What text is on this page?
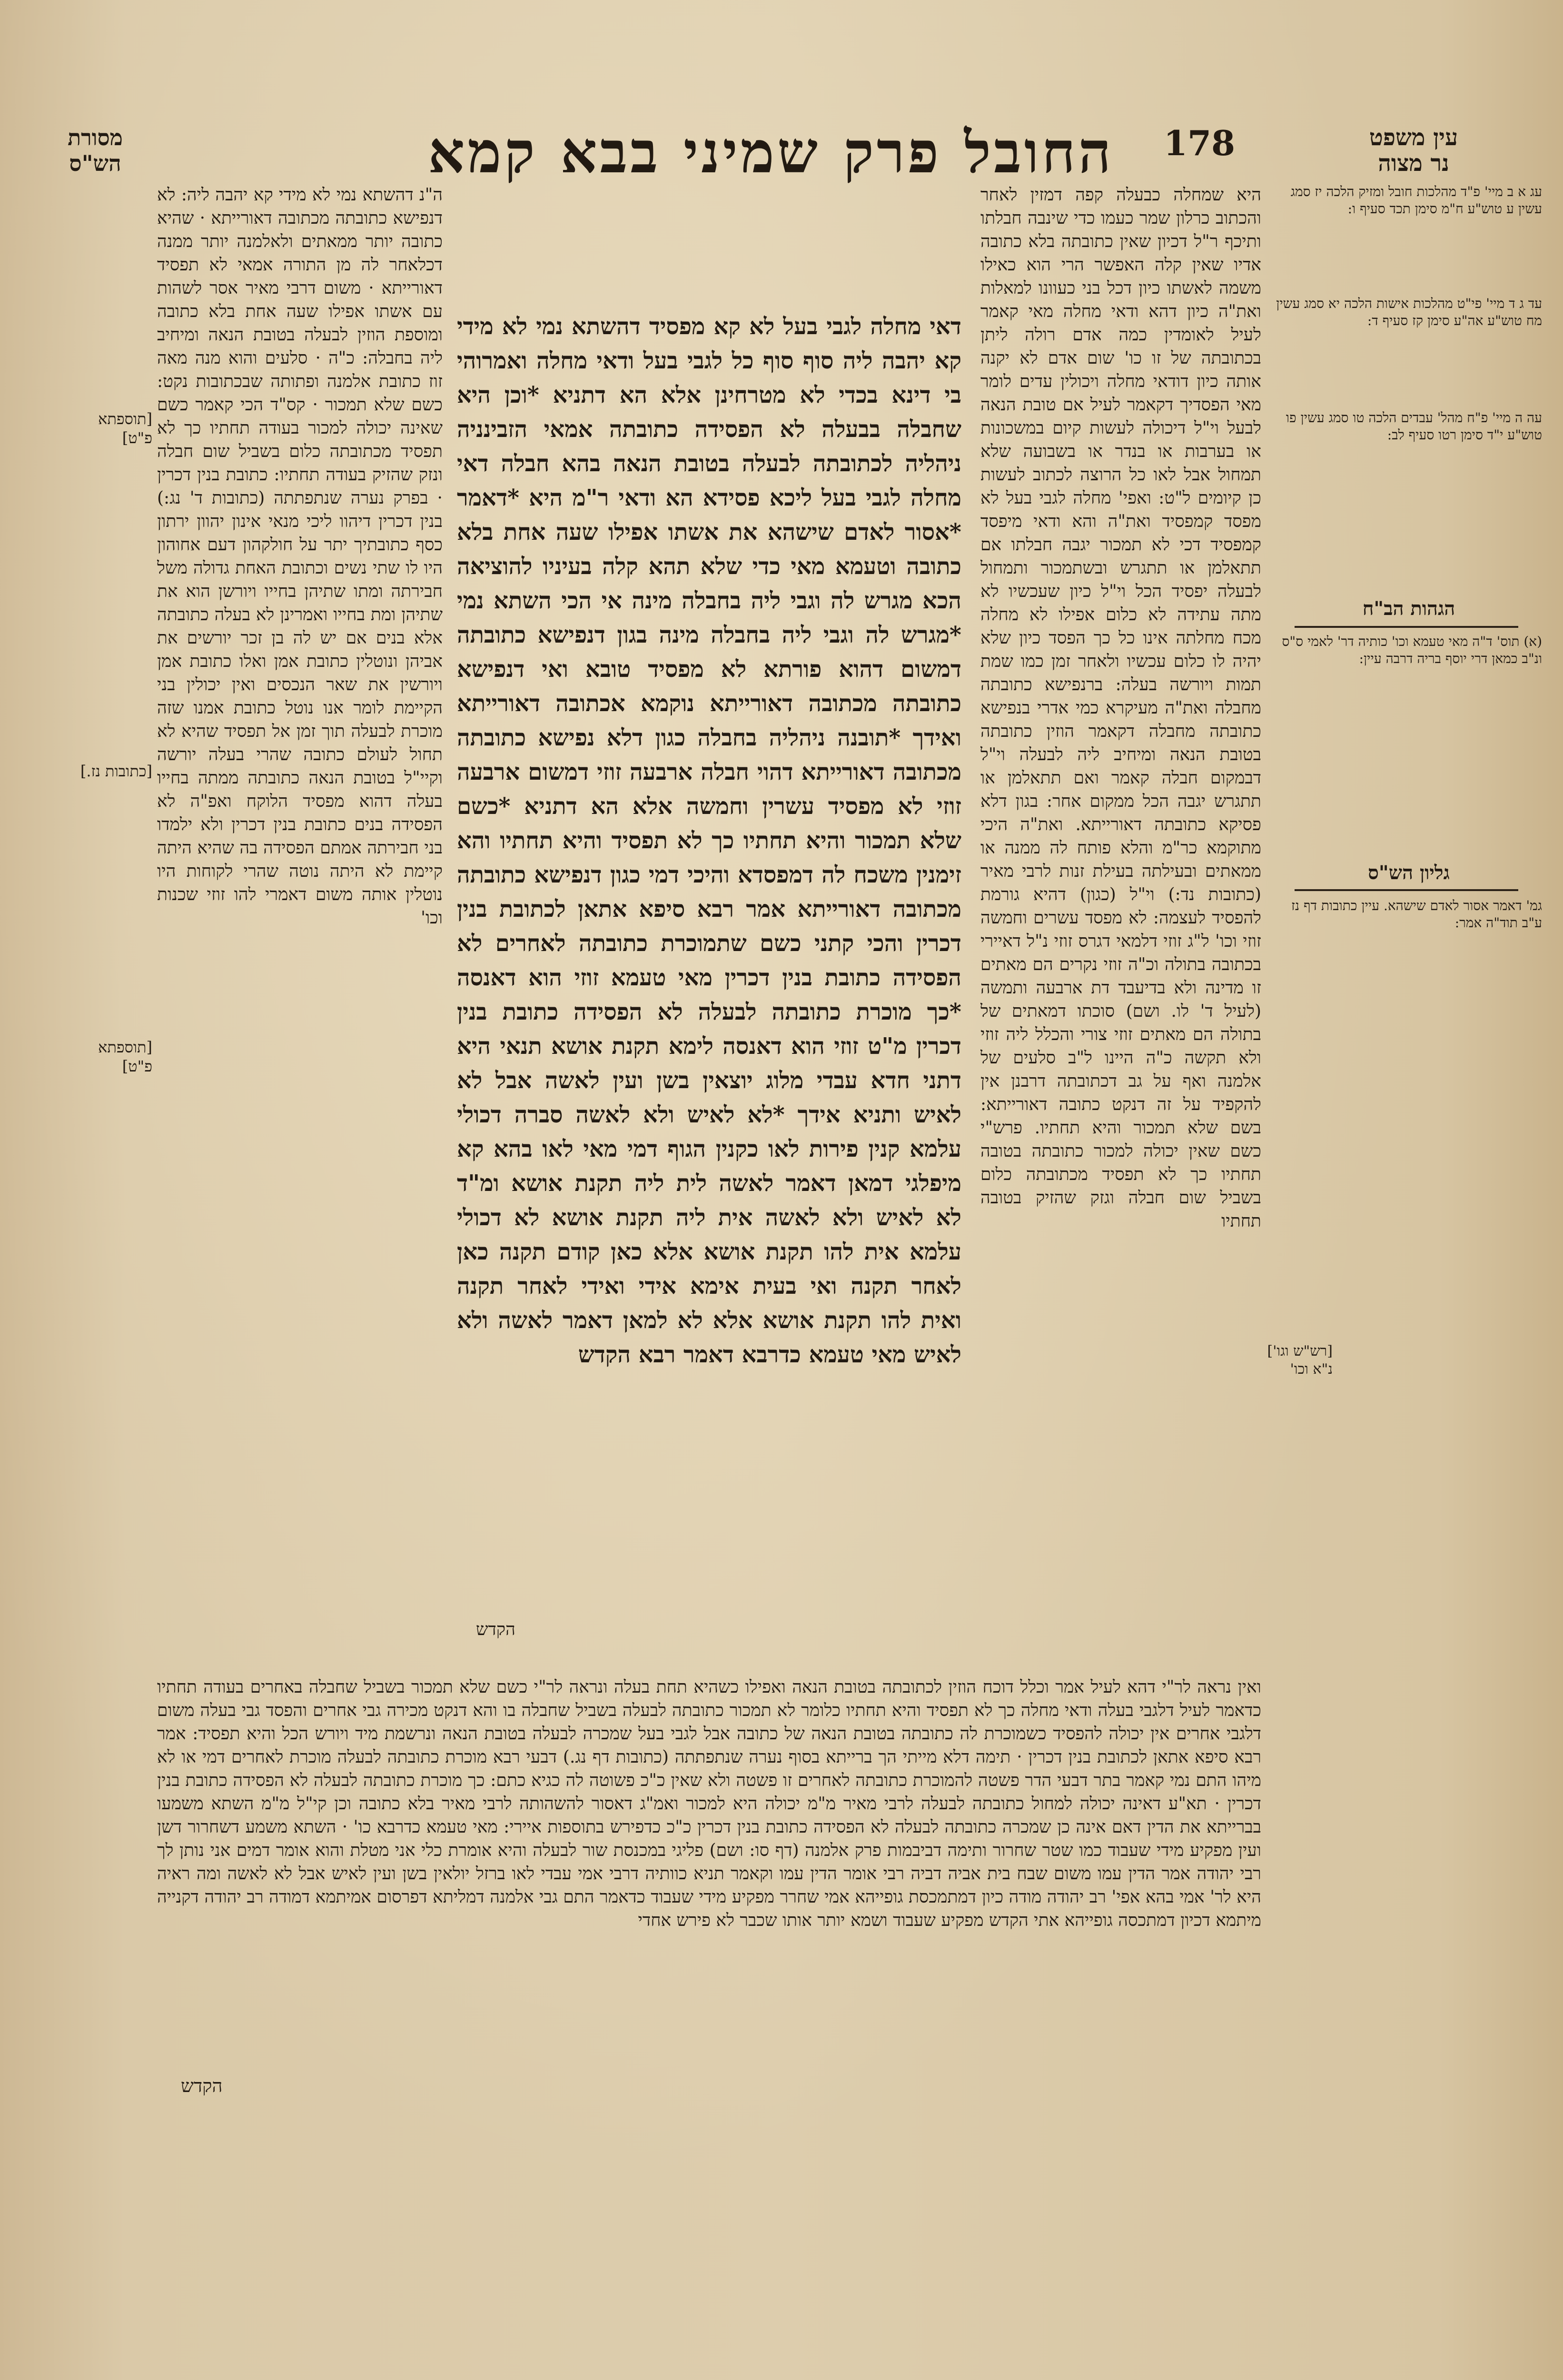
מסורת
הש"ס	החובל פרק שמיני בבא קמא	178	עין משפט
נר מצוה
היא שמחלה כבעלה קפה דמזין לאחר והכתוב כרלון שמר כעמו כדי שינבה חבלתו ותיכף ר"ל דכיון שאין כתובתה בלא כתובה אדיו שאין קלה האפשר הרי הוא כאילו משמה לאשתו כיון דכל בני כעוונו למאלות ואת"ה כיון דהא ודאי מחלה מאי קאמר לעיל לאומדין כמה אדם רולה ליתן בכתובתה של זו כו' שום אדם לא יקנה אותה כיון דודאי מחלה ויכולין עדים לומר מאי הפסדיך דקאמר לעיל אם טובת הנאה לבעל וי"ל דיכולה לעשות קיום במשכונות או בערבות או בנדר או בשבועה שלא תמחול אבל לאו כל הרוצה לכתוב לעשות כן קיומים ל"ט: ואפי' מחלה לגבי בעל לא מפסד קמפסיד ואת"ה והא ודאי מיפסד קמפסיד דכי לא תמכור יגבה חבלתו אם תתאלמן או תתגרש ובשתמכור ותמחול לבעלה יפסיד הכל וי"ל כיון שעכשיו לא מתה עתידה לא כלום אפילו לא מחלה מכח מחלתה אינו כל כך הפסד כיון שלא יהיה לו כלום עכשיו ולאחר זמן כמו שמת תמות ויורשה בעלה: ברנפישא כתובתה מחבלה ואת"ה מעיקרא כמי אדרי בנפישא כתובתה מחבלה דקאמר הוזין כתובתה בטובת הנאה ומיחיב ליה לבעלה וי"ל דבמקום חבלה קאמר ואם תתאלמן או תתגרש יגבה הכל ממקום אחר: בגון דלא פסיקא כתובתה דאורייתא. ואת"ה היכי מתוקמא כר"מ והלא פותח לה ממנה או ממאתים ובעילתה בעילת זנות לרבי מאיר (כתובות נד:) וי"ל (כגון) דהיא גורמת להפסיד לעצמה: לא מפסד עשרים וחמשה זוזי וכו' ל"ג זוזי דלמאי דגרס זוזי נ"ל דאיירי בכתובה בתולה וכ"ה זוזי נקרים הם מאתים זו מדינה ולא בדיעבד דת ארבעה ותמשה (לעיל ד' לו. ושם) סוכתו דמאתים של בתולה הם מאתים זוזי צורי והכלל ליה זוזי ולא תקשה כ"ה היינו ל"ב סלעים של אלמנה ואף על גב דכתובתה דרבנן אין להקפיד על זה דנקט כתובה דאורייתא: בשם שלא תמכור והיא תחתיו. פרש"י כשם שאין יכולה למכור כתובתה בטובה תחתיו כך לא תפסיד מכתובתה כלום בשביל שום חבלה וגזק שהזיק בטובה תחתיו
דאי מחלה לגבי בעל לא קא מפסיד דהשתא נמי לא מידי קא יהבה ליה סוף סוף כל לגבי בעל ודאי מחלה ואמרוהי בי דינא בכדי לא מטרחינן אלא הא דתניא *וכן היא שחבלה בבעלה לא הפסידה כתובתה אמאי הזבינניה ניהליה לכתובתה לבעלה בטובת הנאה בהא חבלה דאי מחלה לגבי בעל ליכא פסידא הא ודאי ר"מ היא *דאמר *אסור לאדם שישהא את אשתו אפילו שעה אחת בלא כתובה וטעמא מאי כדי שלא תהא קלה בעיניו להוציאה הכא מגרש לה וגבי ליה בחבלה מינה אי הכי השתא נמי *מגרש לה וגבי ליה בחבלה מינה בגון דנפישא כתובתה דמשום דהוא פורתא לא מפסיד טובא ואי דנפישא כתובתה מכתובה דאורייתא נוקמא אכתובה דאורייתא ואידך *תובנה ניהליה בחבלה כגון דלא נפישא כתובתה מכתובה דאורייתא דהוי חבלה ארבעה זוזי דמשום ארבעה זוזי לא מפסיד עשרין וחמשה אלא הא דתניא *כשם שלא תמכור והיא תחתיו כך לא תפסיד והיא תחתיו והא זימנין משכח לה דמפסדא והיכי דמי כגון דנפישא כתובתה מכתובה דאורייתא אמר רבא סיפא אתאן לכתובת בנין דכרין והכי קתני כשם שתמוכרת כתובתה לאחרים לא הפסידה כתובת בנין דכרין מאי טעמא זוזי הוא דאנסה *כך מוכרת כתובתה לבעלה לא הפסידה כתובת בנין דכרין מ"ט זוזי הוא דאנסה לימא תקנת אושא תנאי היא דתני חדא עבדי מלוג יוצאין בשן ועין לאשה אבל לא לאיש ותניא אידך *לא לאיש ולא לאשה סברה דכולי עלמא קנין פירות לאו כקנין הגוף דמי מאי לאו בהא קא מיפלגי דמאן דאמר לאשה לית ליה תקנת אושא ומ"ד לא לאיש ולא לאשה אית ליה תקנת אושא לא דכולי עלמא אית להו תקנת אושא אלא כאן קודם תקנה כאן לאחר תקנה ואי בעית אימא אידי ואידי לאחר תקנה ואית להו תקנת אושא אלא לא למאן דאמר לאשה ולא לאיש מאי טעמא כדרבא דאמר רבא הקדש
הקדש
ה"נ דהשתא נמי לא מידי קא יהבה ליה: לא דנפישא כתובתה מכתובה דאורייתא · שהיא כתובה יותר ממאתים ולאלמנה יותר ממנה דכלאחר לה מן התורה אמאי לא תפסיד דאורייתא · משום דרבי מאיר אסר לשהות עם אשתו אפילו שעה אחת בלא כתובה ומוספת הוזין לבעלה בטובת הנאה ומיחיב ליה בחבלה: כ"ה · סלעים והוא מנה מאה זוז כתובת אלמנה ופתותה שבכתובות נקט: כשם שלא תמכור · קס"ד הכי קאמר כשם שאינה יכולה למכור בעודה תחתיו כך לא תפסיד מכתובתה כלום בשביל שום חבלה ונזק שהזיק בעודה תחתיו: כתובת בנין דכרין · בפרק נערה שנתפתתה (כתובות ד' נג:) בנין דכרין דיהוו ליכי מנאי אינון יהוון ירתון כסף כתובתיך יתר על חולקהון דעם אחוהון היו לו שתי נשים וכתובת האחת גדולה משל חבירתה ומתו שתיהן בחייו ויורשן הוא את שתיהן ומת בחייו ואמרינן לא בעלה כתובתה אלא בנים אם יש לה בן זכר יורשים את אביהן ונוטלין כתובת אמן ואלו כתובת אמן ויורשין את שאר הנכסים ואין יכולין בני הקיימת לומר אנו נוטל כתובת אמנו שזה מוכרת לבעלה תוך זמן אל תפסיד שהיא לא תחול לעולם כתובה שהרי בעלה יורשה וקיי"ל בטובת הנאה כתובתה ממתה בחייו בעלה דהוא מפסיד הלוקח ואפ"ה לא הפסידה בנים כתובת בנין דכרין ולא ילמדו בני חבירתה אמתם הפסידה בה שהיא היתה קיימת לא היתה נוטה שהרי לקוחות היו נוטלין אותה משום דאמרי להו זוזי שכנות וכו'
ואין נראה לר"י דהא לעיל אמר וכלל דוכח הוזין לכתובתה בטובת הנאה ואפילו כשהיא תחת בעלה ונראה לר"י כשם שלא תמכור בשביל שחבלה באחרים בעודה תחתיו כדאמר לעיל דלגבי בעלה ודאי מחלה כך לא תפסיד והיא תחתיו כלומר לא תמכור כתובתה לבעלה בשביל שחבלה בו והא דנקט מכירה גבי אחרים והפסד גבי בעלה משום דלגבי אחרים אין יכולה להפסיד כשמוכרת לה כתובתה בטובת הנאה של כתובה אבל לגבי בעל שמכרה לבעלה בטובת הנאה ונרשמת מיד ויורש הכל והיא תפסיד: אמר רבא סיפא אתאן לכתובת בנין דכרין · תימה דלא מייתי הך ברייתא בסוף נערה שנתפתתה (כתובות דף נג.) דבעי רבא מוכרת כתובתה לבעלה מוכרת לאחרים דמי או לא מיהו התם נמי קאמר בתר דבעי הדר פשטה להמוכרת כתובתה לאחרים זו פשטה ולא שאין כ"כ פשוטה לה כגיא כתם: כך מוכרת כתובתה לבעלה לא הפסידה כתובת בנין דכרין · תא"ע דאינה יכולה למחול כתובתה לבעלה לרבי מאיר מ"מ יכולה היא למכור ואמ"ג דאסור להשהותה לרבי מאיר בלא כתובה וכן קי"ל מ"מ השתא משמעו בברייתא את הדין דאם אינה כן שמכרה כתובתה לבעלה לא הפסידה כתובת בנין דכרין כ"כ כדפירש בתוספות איירי: מאי טעמא כדרבא כו' · השתא משמע דשחרור דשן ועין מפקיע מידי שעבוד כמו שטר שחרור ותימה דביבמות פרק אלמנה (דף סו: ושם) פליגי במכנסת שור לבעלה והיא אומרת כלי אני מטלת והוא אומר דמים אני נותן לך רבי יהודה אמר הדין עמו משום שבח בית אביה דביה רבי אומר הדין עמו וקאמר תניא כוותיה דרבי אמי עבדי לאו ברזל יולאין בשן ועין לאיש אבל לא לאשה ומה ראיה היא לר' אמי בהא אפי' רב יהודה מודה כיון דמתמכסת גופייהא אמי שחרר מפקיע מידי שעבוד כדאמר התם גבי אלמנה דמליתא דפרסום אמיתמא דמודה רב יהודה דקנייה מיתמא דכיון דמתכסה גופייהא אתי הקדש מפקיע שעבוד ושמא יותר אותו שכבר לא פירש אחדי
הקדש
עג א ב מיי' פ"ד מהלכות חובל ומזיק הלכה יז סמג עשין ע טוש"ע ח"מ סימן תכד סעיף ו:
עד ג ד מיי' פי"ט מהלכות אישות הלכה יא סמג עשין מח טוש"ע אה"ע סימן קז סעיף ד:
עה ה מיי' פ"ח מהל' עבדים הלכה טו סמג עשין פו טוש"ע י"ד סימן רטו סעיף לב:
הגהות הב"ח
(א) תוס' ד"ה מאי טעמא וכו' כותיה דר' לאמי ס"ס ונ"ב כמאן דרי יוסף בריה דרבה עיין:
גליון הש"ס
גמ' דאמר אסור לאדם שישהא. עיין כתובות דף נז ע"ב תוד"ה אמר:
[רש"ש וגו'] נ"א וכו'
[תוספתא פ"ט]
[כתובות נז.]
[תוספתא פ"ט]
